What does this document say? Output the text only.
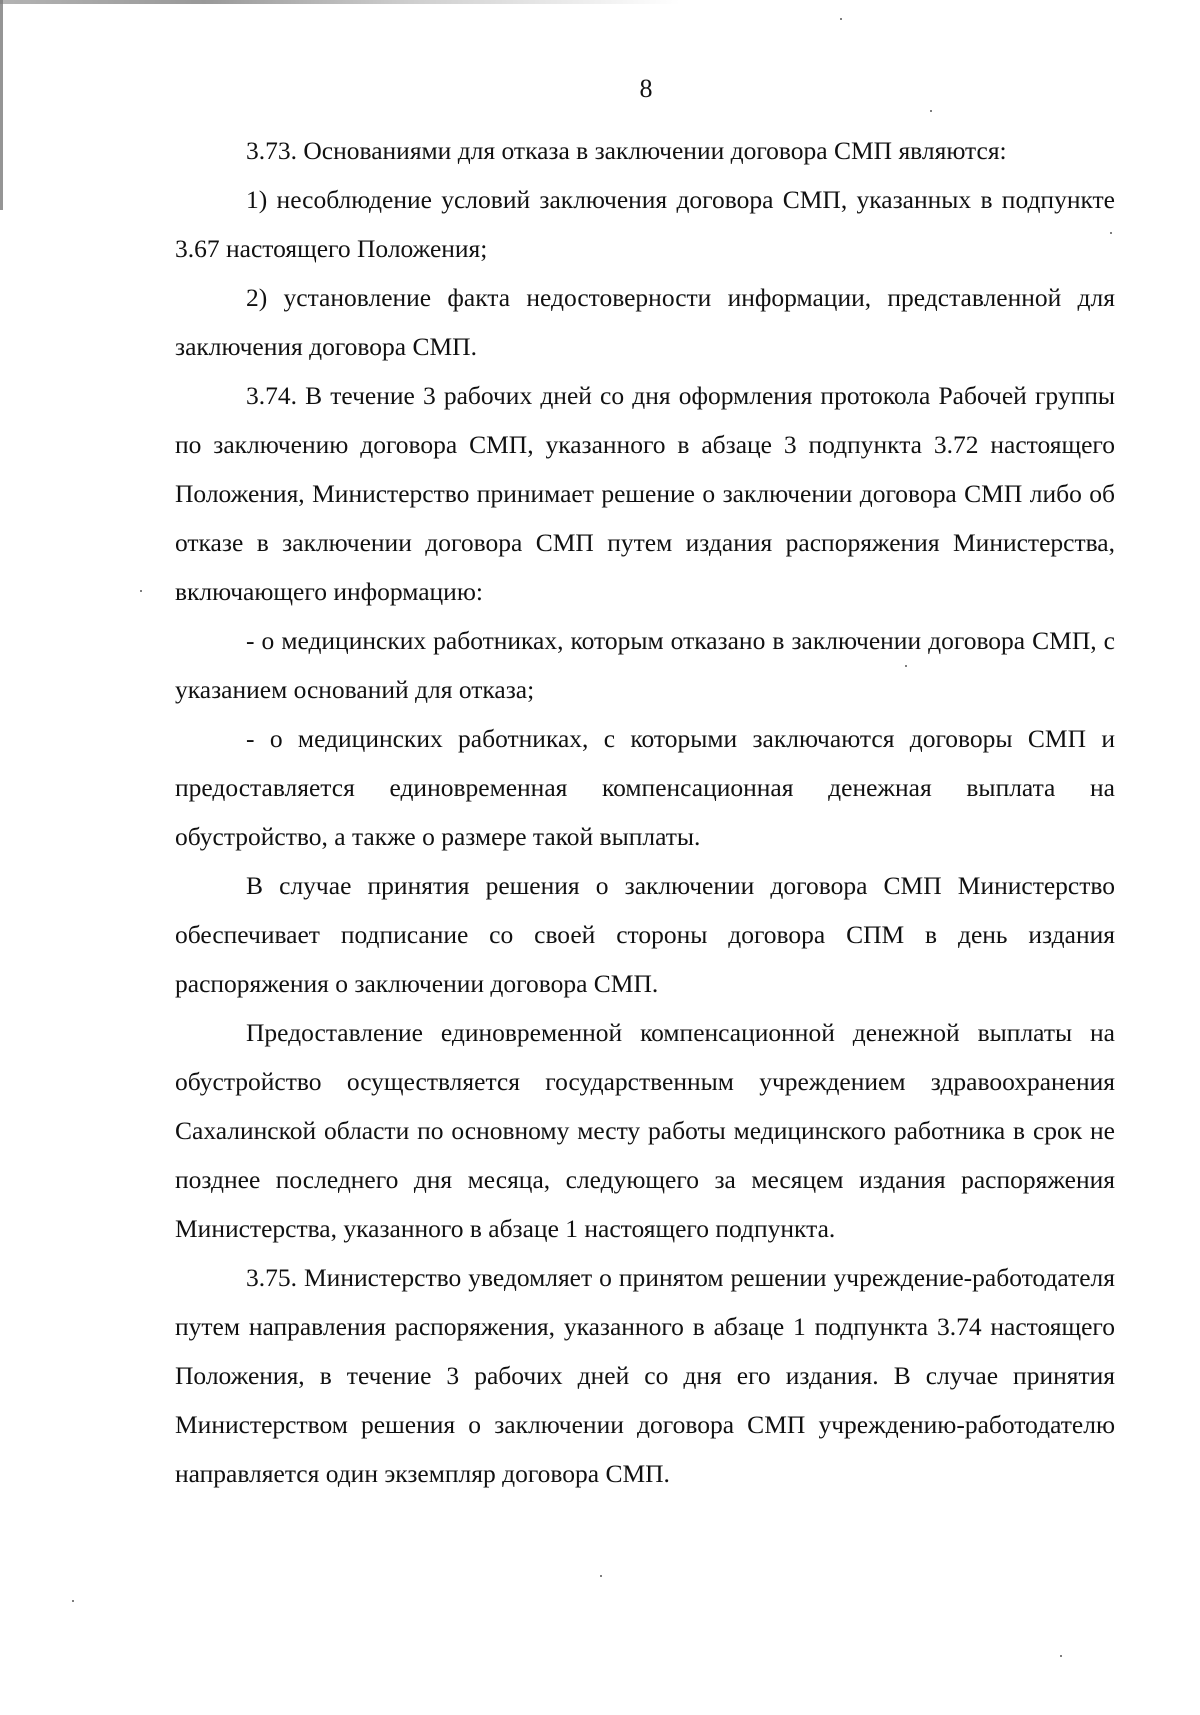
8

3.73. Основаниями для отказа в заключении договора СМП являются:

1) несоблюдение условий заключения договора СМП, указанных в подпункте 3.67 настоящего Положения;

2) установление факта недостоверности информации, представленной для заключения договора СМП.

3.74. В течение 3 рабочих дней со дня оформления протокола Рабочей группы по заключению договора СМП, указанного в абзаце 3 подпункта 3.72 настоящего Положения, Министерство принимает решение о заключении договора СМП либо об отказе в заключении договора СМП путем издания распоряжения Министерства, включающего информацию:

- о медицинских работниках, которым отказано в заключении договора СМП, с указанием оснований для отказа;

- о медицинских работниках, с которыми заключаются договоры СМП и предоставляется единовременная компенсационная денежная выплата на обустройство, а также о размере такой выплаты.

В случае принятия решения о заключении договора СМП Министерство обеспечивает подписание со своей стороны договора СПМ в день издания распоряжения о заключении договора СМП.

Предоставление единовременной компенсационной денежной выплаты на обустройство осуществляется государственным учреждением здравоохранения Сахалинской области по основному месту работы медицинского работника в срок не позднее последнего дня месяца, следующего за месяцем издания распоряжения Министерства, указанного в абзаце 1 настоящего подпункта.

3.75. Министерство уведомляет о принятом решении учреждение-работодателя путем направления распоряжения, указанного в абзаце 1 подпункта 3.74 настоящего Положения, в течение 3 рабочих дней со дня его издания. В случае принятия Министерством решения о заключении договора СМП учреждению-работодателю направляется один экземпляр договора СМП.
